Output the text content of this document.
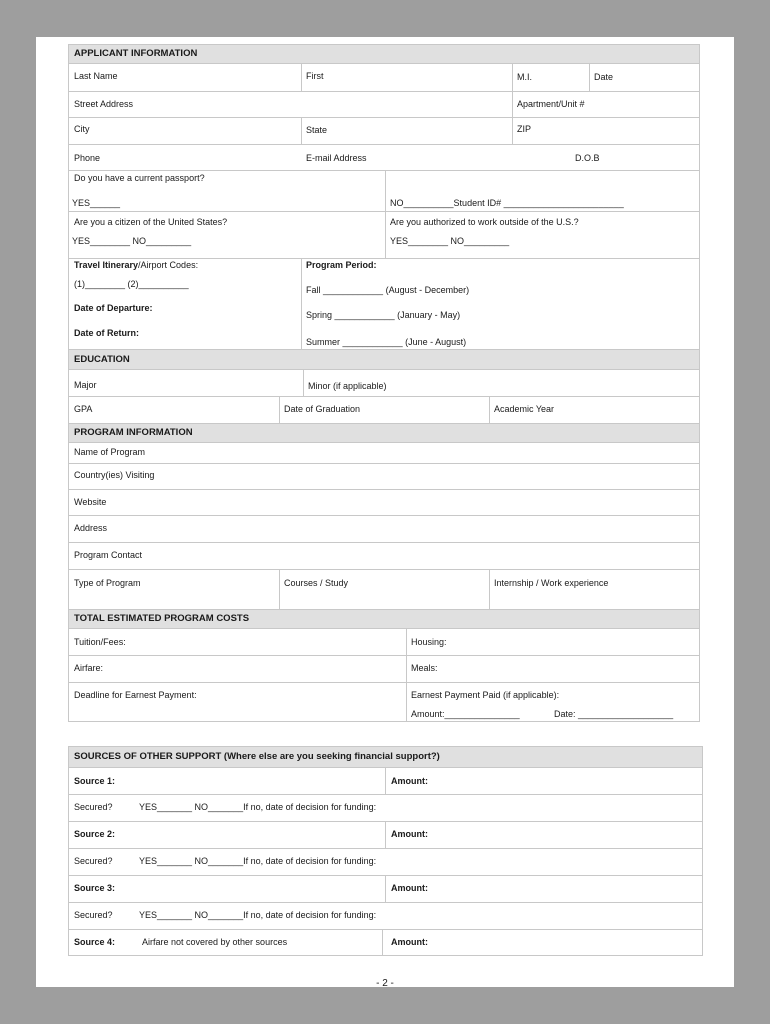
APPLICANT INFORMATION
Last Name	First	M.I.	Date
Street Address	Apartment/Unit #
City	State	ZIP
Phone	E-mail Address	D.O.B
Do you have a current passport?
YES______	NO__________Student ID# ________________________
Are you a citizen of the United States?
YES________ NO_________
Are you authorized to work outside of the U.S.?
YES________ NO_________
Travel Itinerary/Airport Codes:
(1)________ (2)__________
Date of Departure:
Date of Return:
Program Period:
Fall ____________ (August - December)
Spring ____________ (January - May)
Summer ____________ (June - August)
EDUCATION
Major	Minor (if applicable)
GPA	Date of Graduation	Academic Year
PROGRAM INFORMATION
Name of Program
Country(ies) Visiting
Website
Address
Program Contact
Type of Program	Courses / Study	Internship / Work experience
TOTAL ESTIMATED PROGRAM COSTS
Tuition/Fees:	Housing:
Airfare:	Meals:
Deadline for Earnest Payment:	Earnest Payment Paid (if applicable):
Amount:_______________	Date: ___________________
SOURCES OF OTHER SUPPORT (Where else are you seeking financial support?)
Source 1:	Amount:
Secured?	YES_______ NO_______If no, date of decision for funding:
Source 2:	Amount:
Secured?	YES_______ NO_______If no, date of decision for funding:
Source 3:	Amount:
Secured?	YES_______ NO_______If no, date of decision for funding:
Source 4:	Airfare not covered by other sources	Amount:
- 2 -
